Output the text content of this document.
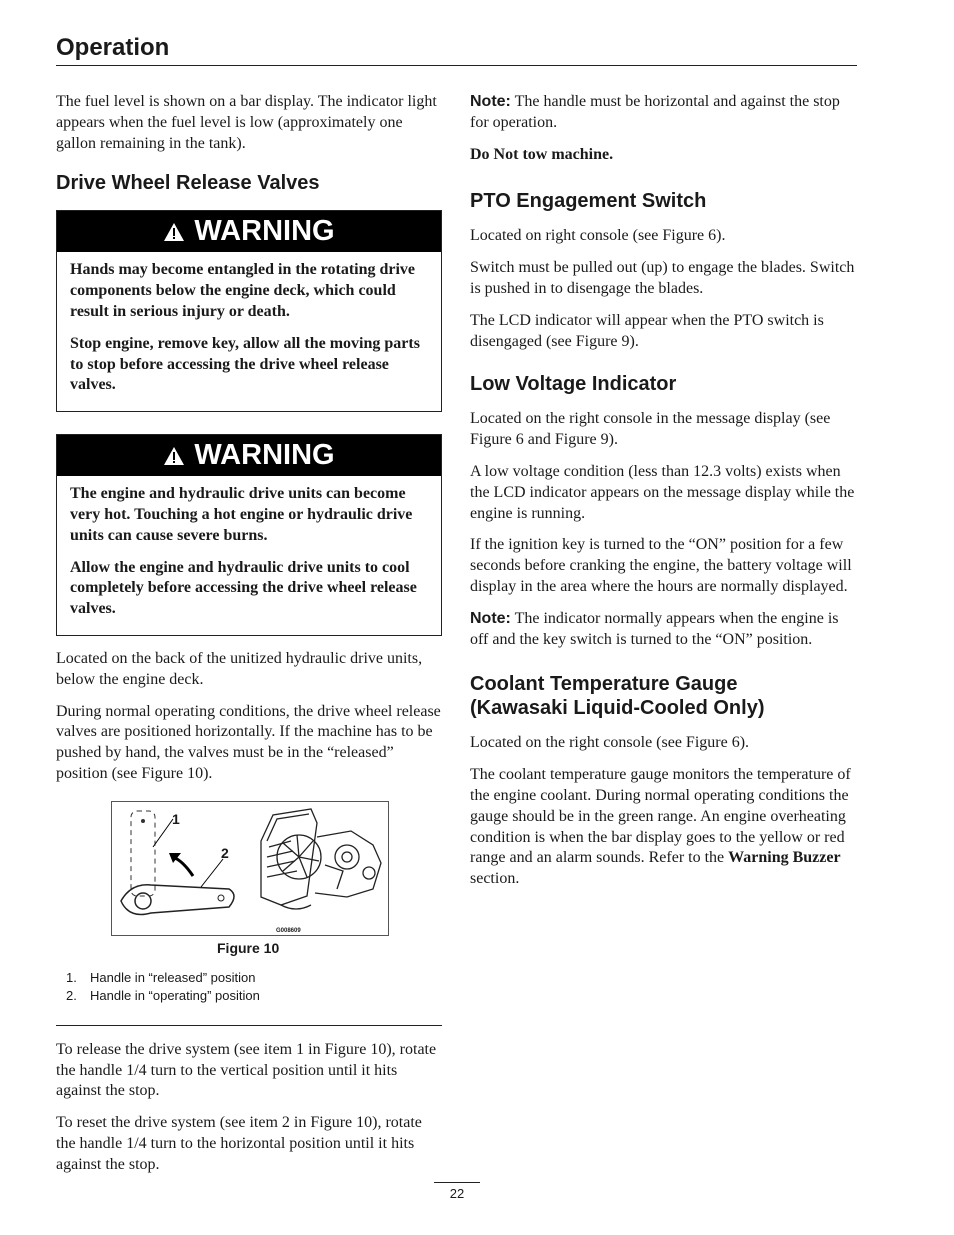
Operation

The fuel level is shown on a bar display. The indicator light appears when the fuel level is low (approximately one gallon remaining in the tank).

Drive Wheel Release Valves
WARNING

Hands may become entangled in the rotating drive components below the engine deck, which could result in serious injury or death.

Stop engine, remove key, allow all the moving parts to stop before accessing the drive wheel release valves.

WARNING

The engine and hydraulic drive units can become very hot. Touching a hot engine or hydraulic drive units can cause severe burns.

Allow the engine and hydraulic drive units to cool completely before accessing the drive wheel release valves.

Located on the back of the unitized hydraulic drive units, below the engine deck.

During normal operating conditions, the drive wheel release valves are positioned horizontally. If the machine has to be pushed by hand, the valves must be in the “released” position (see Figure 10).

1
2
G008609
Figure 10
1. Handle in “released” position
2. Handle in “operating” position

To release the drive system (see item 1 in Figure 10), rotate the handle 1/4 turn to the vertical position until it hits against the stop.

To reset the drive system (see item 2 in Figure 10), rotate the handle 1/4 turn to the horizontal position until it hits against the stop.

Note: The handle must be horizontal and against the stop for operation.

Do Not tow machine.

PTO Engagement Switch

Located on right console (see Figure 6).

Switch must be pulled out (up) to engage the blades. Switch is pushed in to disengage the blades.

The LCD indicator will appear when the PTO switch is disengaged (see Figure 9).

Low Voltage Indicator

Located on the right console in the message display (see Figure 6 and Figure 9).

A low voltage condition (less than 12.3 volts) exists when the LCD indicator appears on the message display while the engine is running.

If the ignition key is turned to the “ON” position for a few seconds before cranking the engine, the battery voltage will display in the area where the hours are normally displayed.

Note: The indicator normally appears when the engine is off and the key switch is turned to the “ON” position.

Coolant Temperature Gauge
(Kawasaki Liquid-Cooled Only)

Located on the right console (see Figure 6).

The coolant temperature gauge monitors the temperature of the engine coolant. During normal operating conditions the gauge should be in the green range. An engine overheating condition is when the bar display goes to the yellow or red range and an alarm sounds. Refer to the Warning Buzzer section.

22
